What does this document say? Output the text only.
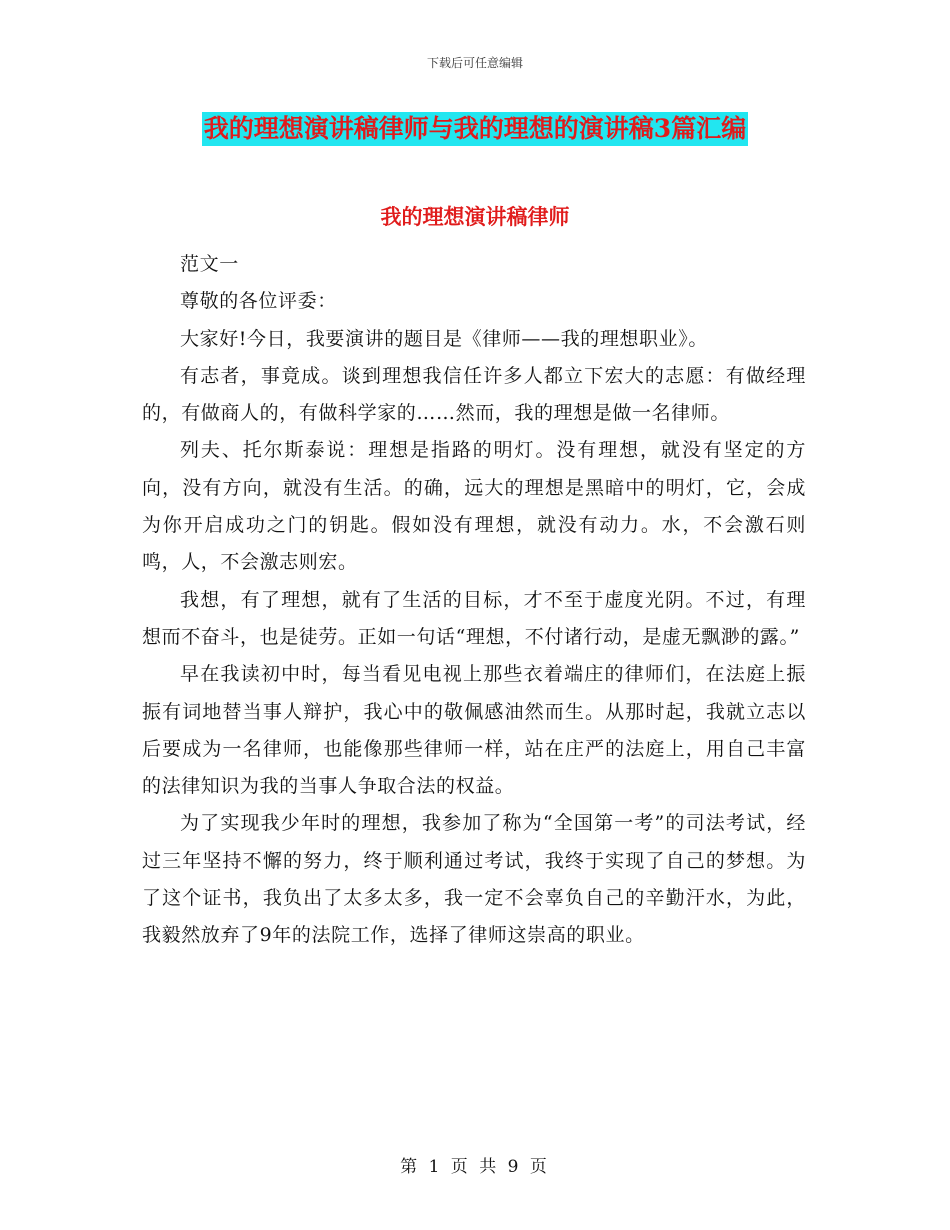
下载后可任意编辑
我的理想演讲稿律师与我的理想的演讲稿3篇汇编
我的理想演讲稿律师

范文一

尊敬的各位评委：

大家好!今日，我要演讲的题目是《律师——我的理想职业》。

有志者，事竟成。谈到理想我信任许多人都立下宏大的志愿：有做经理的，有做商人的，有做科学家的……然而，我的理想是做一名律师。

列夫、托尔斯泰说：理想是指路的明灯。没有理想，就没有坚定的方向，没有方向，就没有生活。的确，远大的理想是黑暗中的明灯，它，会成为你开启成功之门的钥匙。假如没有理想，就没有动力。水，不会激石则鸣，人，不会激志则宏。

我想，有了理想，就有了生活的目标，才不至于虚度光阴。不过，有理想而不奋斗，也是徒劳。正如一句话“理想，不付诸行动，是虚无飘渺的露。”

早在我读初中时，每当看见电视上那些衣着端庄的律师们，在法庭上振振有词地替当事人辩护，我心中的敬佩感油然而生。从那时起，我就立志以后要成为一名律师，也能像那些律师一样，站在庄严的法庭上，用自己丰富的法律知识为我的当事人争取合法的权益。

为了实现我少年时的理想，我参加了称为“全国第一考”的司法考试，经过三年坚持不懈的努力，终于顺利通过考试，我终于实现了自己的梦想。为了这个证书，我负出了太多太多，我一定不会辜负自己的辛勤汗水，为此，我毅然放弃了9年的法院工作，选择了律师这崇高的职业。

第 1 页 共 9 页
